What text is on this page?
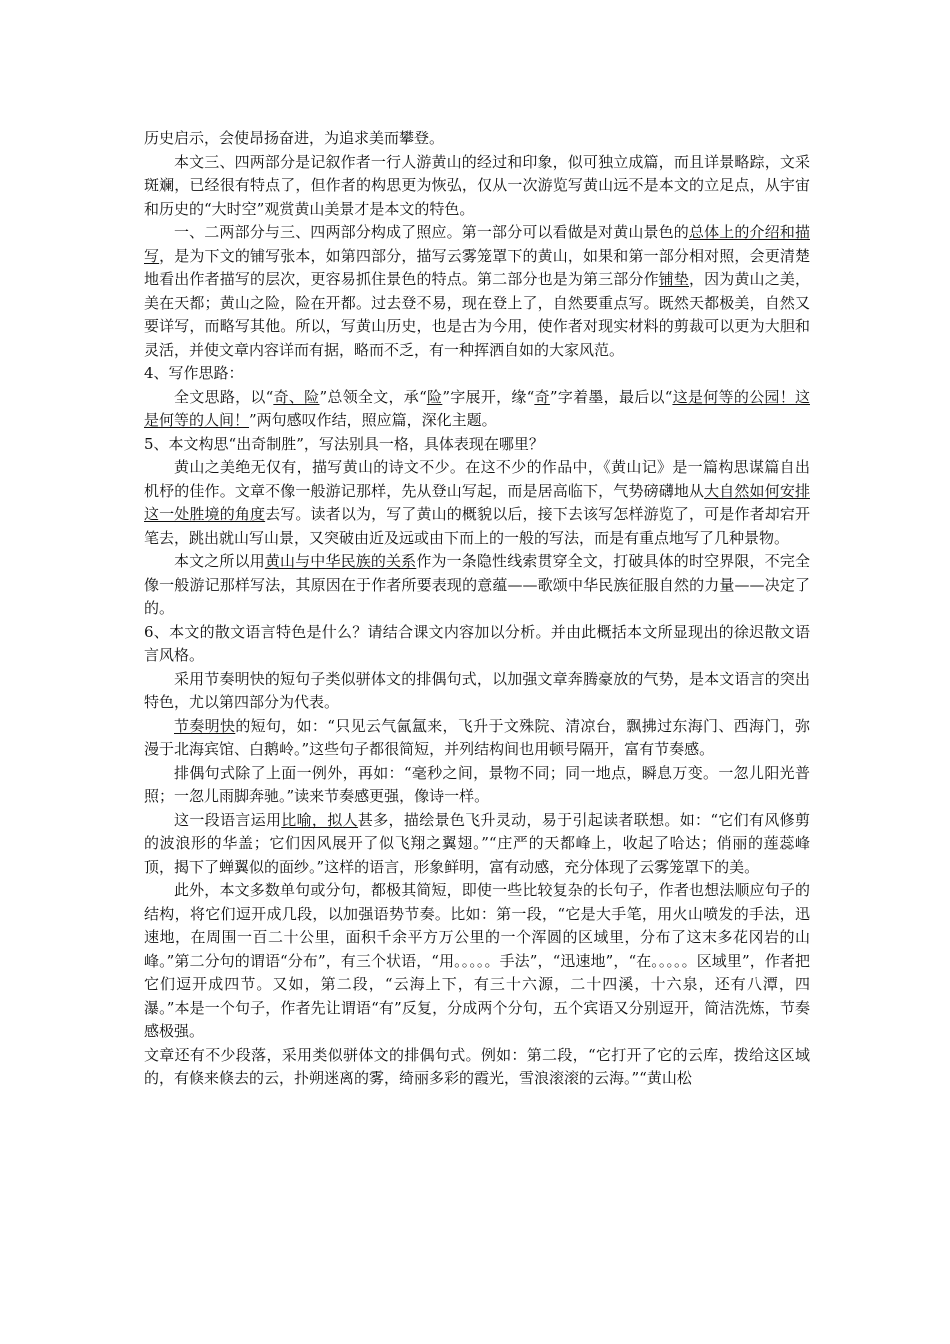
历史启示，会使昂扬奋进，为追求美而攀登。

本文三、四两部分是记叙作者一行人游黄山的经过和印象，似可独立成篇，而且详景略踪，文采斑斓，已经很有特点了，但作者的构思更为恢弘，仅从一次游览写黄山远不是本文的立足点，从宇宙和历史的“大时空”观赏黄山美景才是本文的特色。

一、二两部分与三、四两部分构成了照应。第一部分可以看做是对黄山景色的总体上的介绍和描写，是为下文的铺写张本，如第四部分，描写云雾笼罩下的黄山，如果和第一部分相对照，会更清楚地看出作者描写的层次，更容易抓住景色的特点。第二部分也是为第三部分作铺垫，因为黄山之美，美在天都；黄山之险，险在开都。过去登不易，现在登上了，自然要重点写。既然天都极美，自然又要详写，而略写其他。所以，写黄山历史，也是古为今用，使作者对现实材料的剪裁可以更为大胆和灵活，并使文章内容详而有据，略而不乏，有一种挥洒自如的大家风范。

4、写作思路：

全文思路，以“奇、险”总领全文，承“险”字展开，缘“奇”字着墨，最后以“这是何等的公园！这是何等的人间！”两句感叹作结，照应篇，深化主题。

5、本文构思“出奇制胜”，写法别具一格，具体表现在哪里？

黄山之美绝无仅有，描写黄山的诗文不少。在这不少的作品中，《黄山记》是一篇构思谋篇自出机杼的佳作。文章不像一般游记那样，先从登山写起，而是居高临下，气势磅礴地从大自然如何安排这一处胜境的角度去写。读者以为，写了黄山的概貌以后，接下去该写怎样游览了，可是作者却宕开笔去，跳出就山写山景，又突破由近及远或由下而上的一般的写法，而是有重点地写了几种景物。

本文之所以用黄山与中华民族的关系作为一条隐性线索贯穿全文，打破具体的时空界限，不完全像一般游记那样写法，其原因在于作者所要表现的意蕴——歌颂中华民族征服自然的力量——决定了的。

6、本文的散文语言特色是什么？请结合课文内容加以分析。并由此概括本文所显现出的徐迟散文语言风格。

采用节奏明快的短句子类似骈体文的排偶句式，以加强文章奔腾豪放的气势，是本文语言的突出特色，尤以第四部分为代表。

节奏明快的短句，如：“只见云气氤氲来，飞升于文殊院、清凉台，飘拂过东海门、西海门，弥漫于北海宾馆、白鹅岭。”这些句子都很简短，并列结构间也用顿号隔开，富有节奏感。

排偶句式除了上面一例外，再如：“毫秒之间，景物不同；同一地点，瞬息万变。一忽儿阳光普照；一忽儿雨脚奔驰。”读来节奏感更强，像诗一样。

这一段语言运用比喻，拟人甚多，描绘景色飞升灵动，易于引起读者联想。如：“它们有风修剪的波浪形的华盖；它们因风展开了似飞翔之翼翅。”“庄严的天都峰上，收起了哈达；俏丽的莲蕊峰顶，揭下了蝉翼似的面纱。”这样的语言，形象鲜明，富有动感，充分体现了云雾笼罩下的美。

此外，本文多数单句或分句，都极其简短，即使一些比较复杂的长句子，作者也想法顺应句子的结构，将它们逗开成几段，以加强语势节奏。比如：第一段，“它是大手笔，用火山喷发的手法，迅速地，在周围一百二十公里，面积千余平方万公里的一个浑圆的区域里，分布了这末多花冈岩的山峰。”第二分句的谓语“分布”，有三个状语，“用。。。。。手法”，“迅速地”，“在。。。。。区域里”，作者把它们逗开成四节。又如，第二段，“云海上下，有三十六源，二十四溪，十六泉，还有八潭，四瀑。”本是一个句子，作者先让谓语“有”反复，分成两个分句，五个宾语又分别逗开，简洁洗炼，节奏感极强。

文章还有不少段落，采用类似骈体文的排偶句式。例如：第二段，“它打开了它的云库，拨给这区域的，有倏来倏去的云，扑朔迷离的雾，绮丽多彩的霞光，雪浪滚滚的云海。”“黄山松
